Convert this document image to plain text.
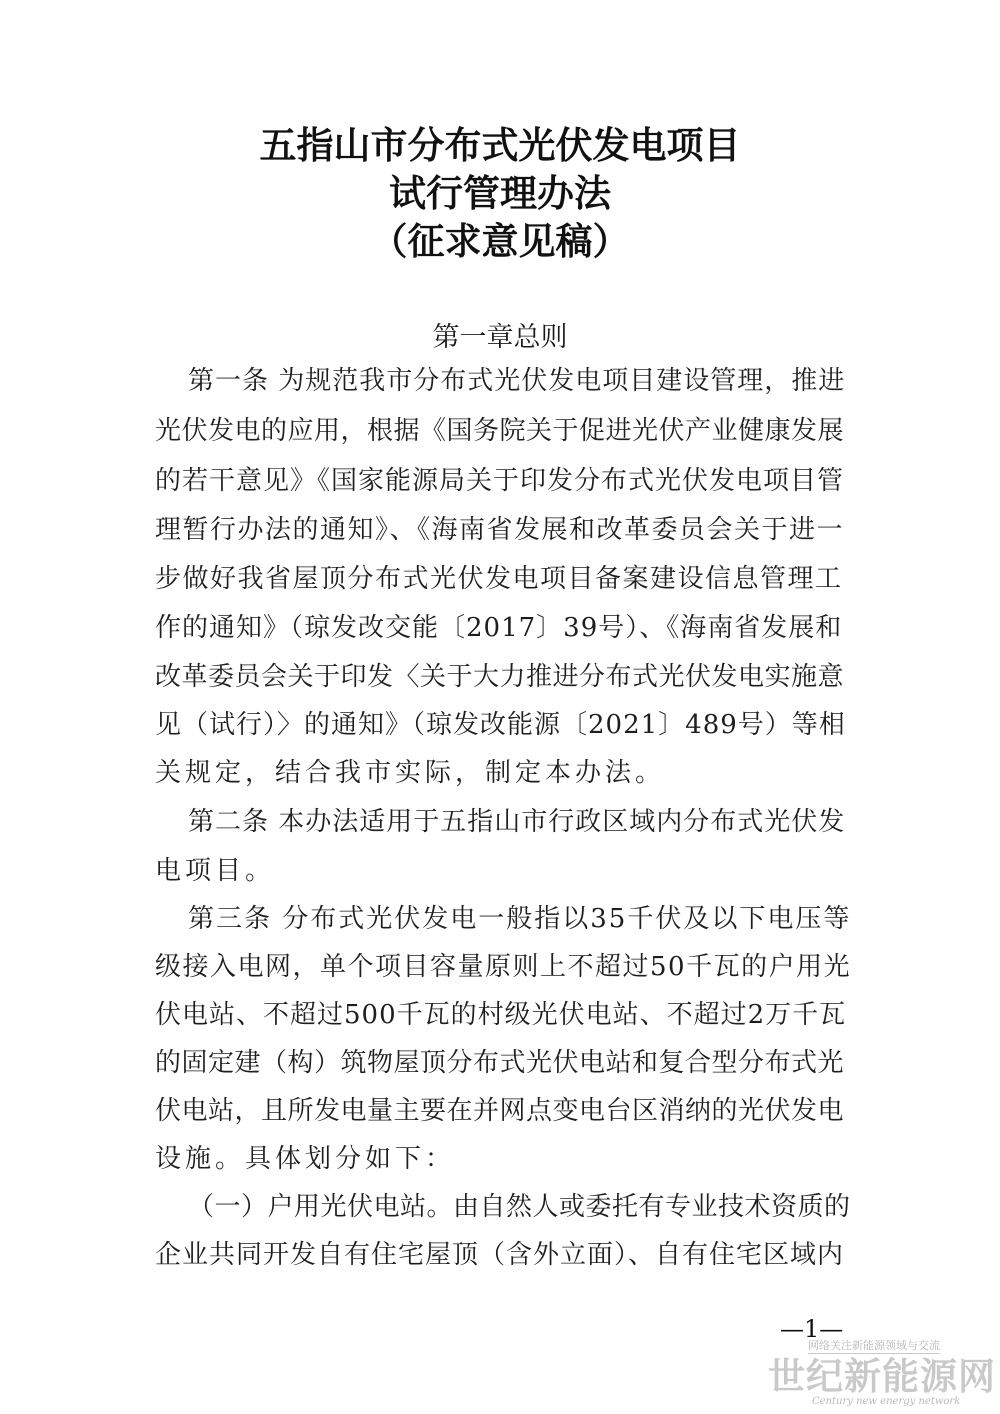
五指山市分布式光伏发电项目
试行管理办法
（征求意见稿）
第一章总则
第一条 为规范我市分布式光伏发电项目建设管理，推进
光伏发电的应用，根据《国务院关于促进光伏产业健康发展
的若干意见》《国家能源局关于印发分布式光伏发电项目管
理暂行办法的通知》、《海南省发展和改革委员会关于进一
步做好我省屋顶分布式光伏发电项目备案建设信息管理工
作的通知》（琼发改交能〔2017〕39号）、《海南省发展和
改革委员会关于印发〈关于大力推进分布式光伏发电实施意
见（试行）〉的通知》（琼发改能源〔2021〕489号）等相
关规定，结合我市实际，制定本办法。
第二条 本办法适用于五指山市行政区域内分布式光伏发
电项目。
第三条 分布式光伏发电一般指以35千伏及以下电压等
级接入电网，单个项目容量原则上不超过50千瓦的户用光
伏电站、不超过500千瓦的村级光伏电站、不超过2万千瓦
的固定建（构）筑物屋顶分布式光伏电站和复合型分布式光
伏电站，且所发电量主要在并网点变电台区消纳的光伏发电
设施。具体划分如下：
（一）户用光伏电站。由自然人或委托有专业技术资质的
企业共同开发自有住宅屋顶（含外立面）、自有住宅区域内
—1—
网络关注新能源领域与交流
世纪新能源网
Century new energy network
